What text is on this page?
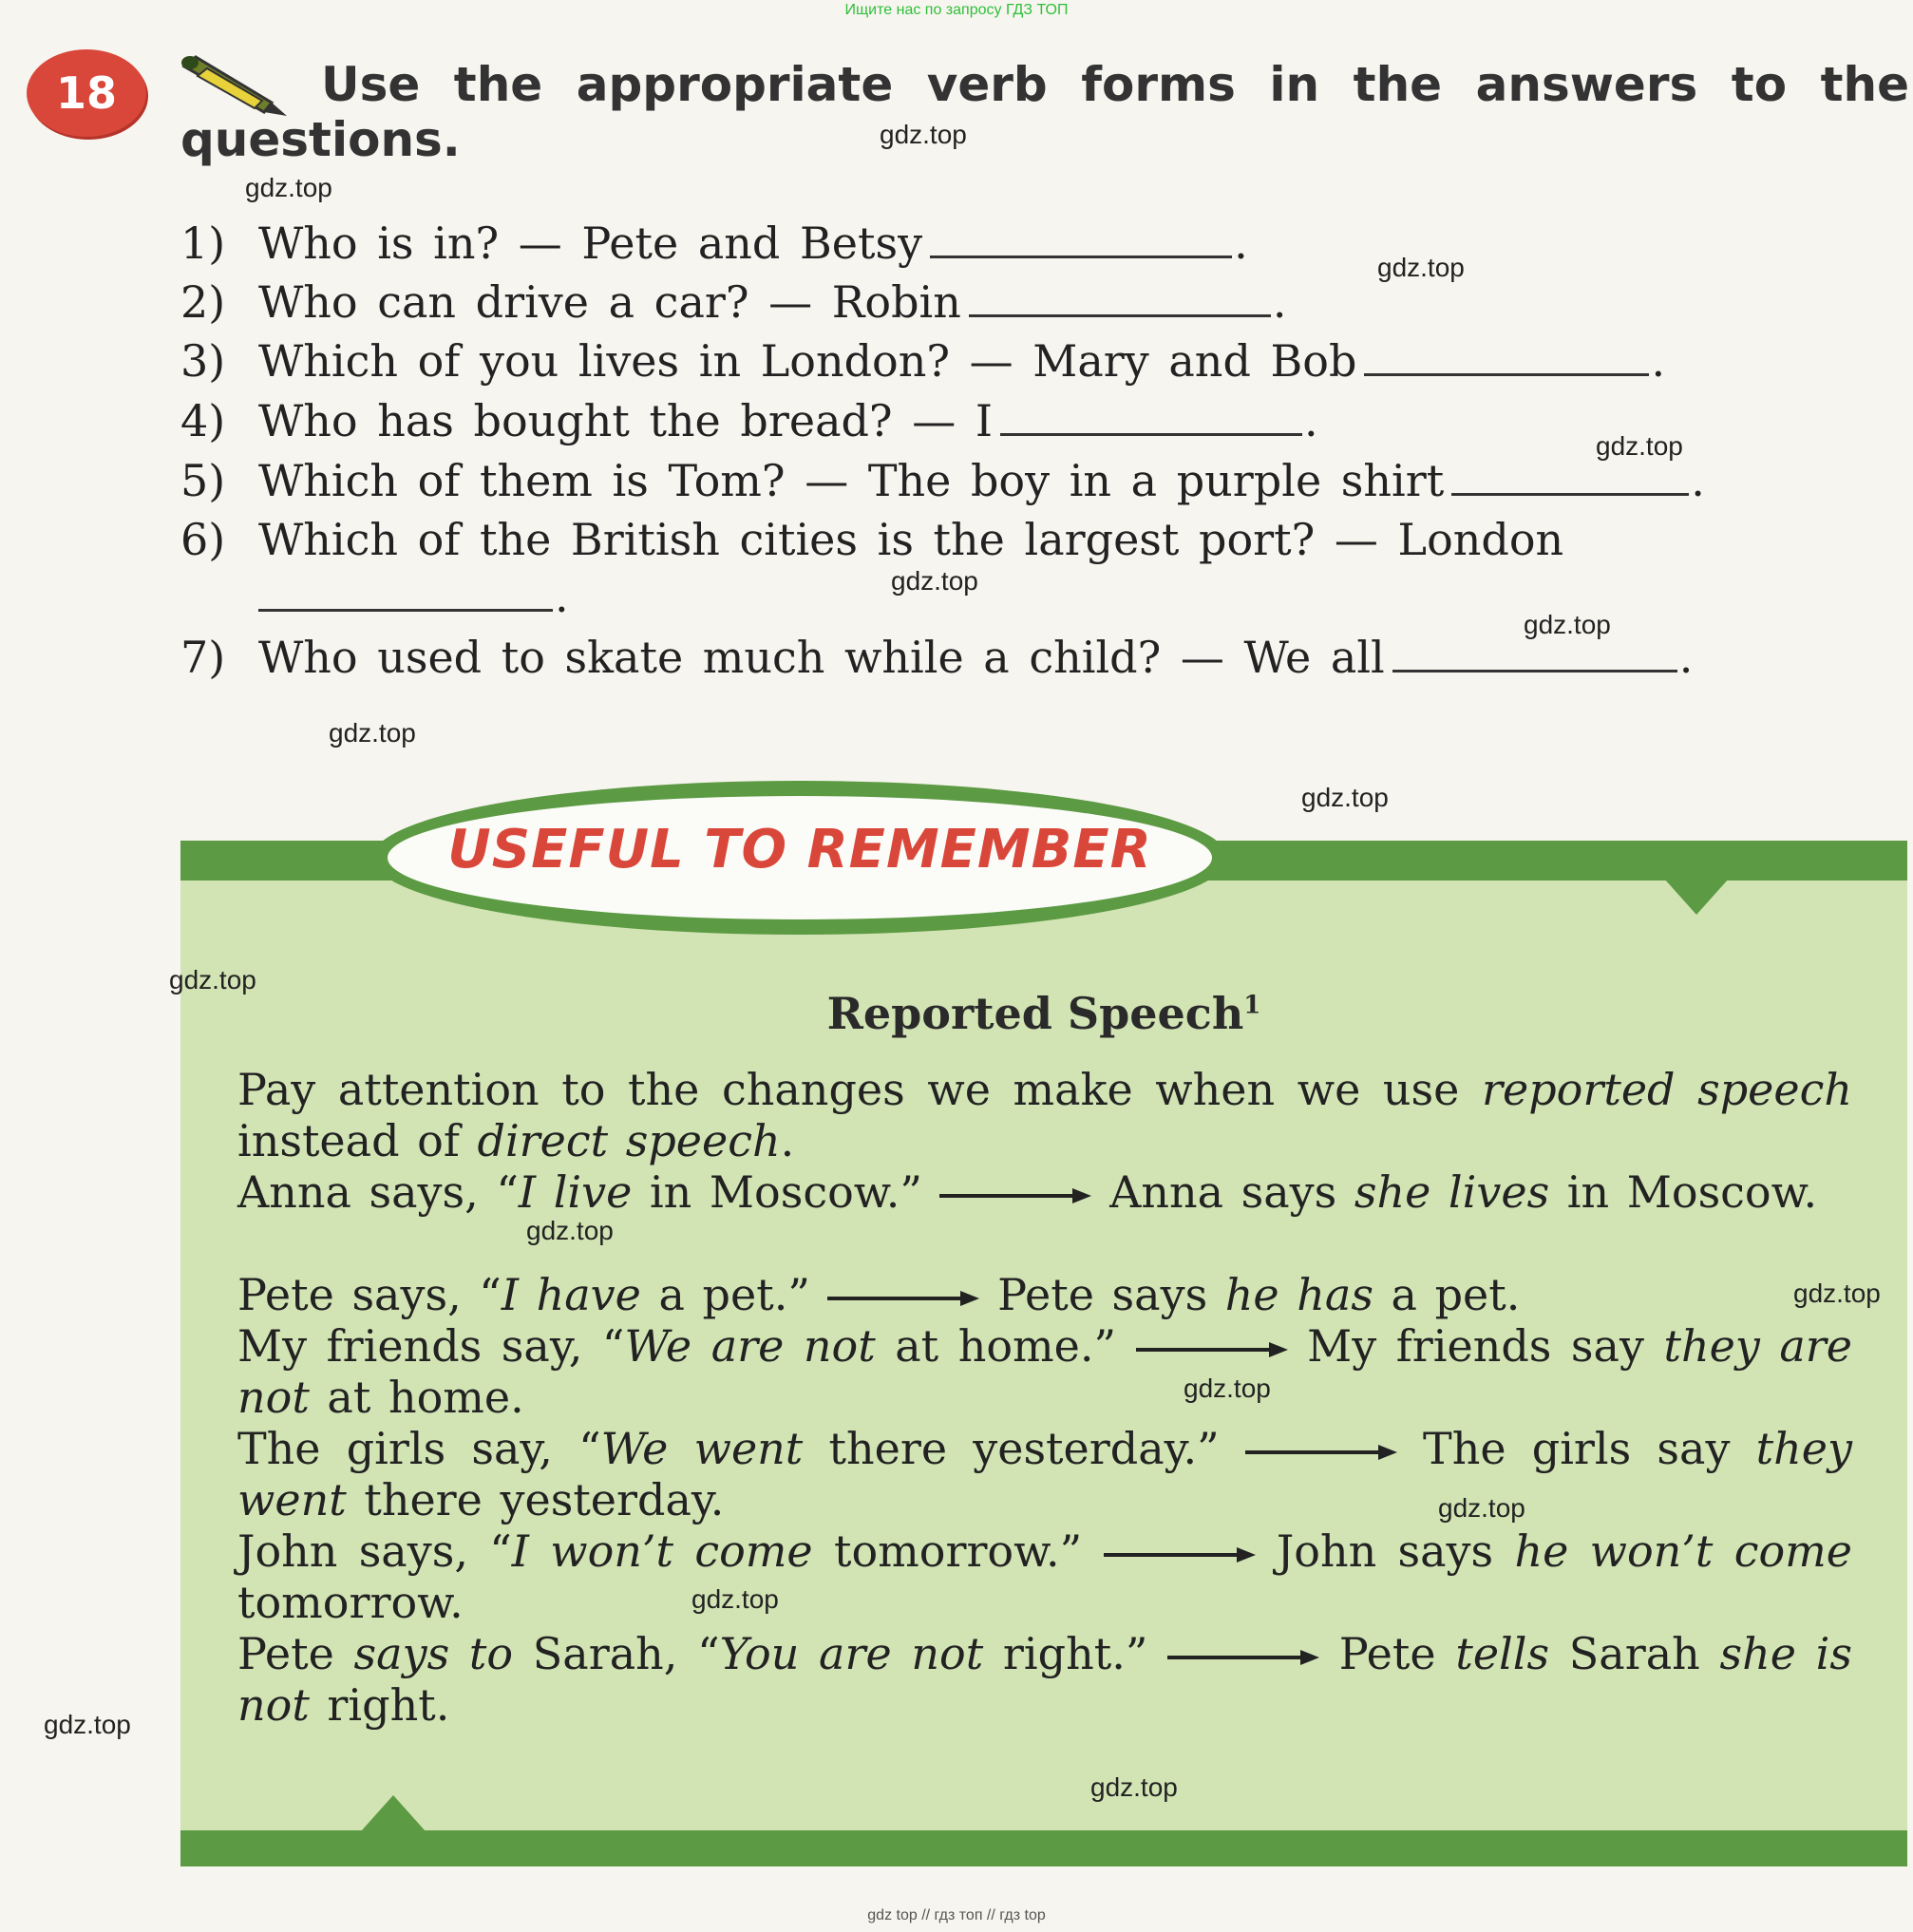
Ищите нас по запросу ГДЗ ТОП
18	Use the appropriate verb forms in the answers to the questions.
1) Who is in? — Pete and Betsy	.
2) Who can drive a car? — Robin	.
3) Which of you lives in London? — Mary and Bob	.
4) Who has bought the bread? — I	.
5) Which of them is Tom? — The boy in a purple shirt	.
6) Which of the British cities is the largest port? — London
.
7) Who used to skate much while a child? — We all	.
USEFUL TO REMEMBER
Reported Speech$^1$
Pay attention to the changes we make when we use reported speech instead of direct speech.
Anna says, “I live in Moscow.”	Anna says she lives in Moscow.
Pete says, “I have a pet.”	Pete says he has a pet.
My friends say, “We are not at home.”	My friends say they are not at home.
The girls say, “We went there yesterday.”	The girls say they went there yesterday.
John says, “I won’t come tomorrow.”	John says he won’t come tomorrow.
Pete says to Sarah, “You are not right.”	Pete tells Sarah she is not right.
gdz.top
gdz.top
gdz.top
gdz.top
gdz.top
gdz.top
gdz.top
gdz.top
gdz.top
gdz.top
gdz.top
gdz.top
gdz.top
gdz.top
gdz.top
gdz.top
gdz top // гдз топ // гдз top
